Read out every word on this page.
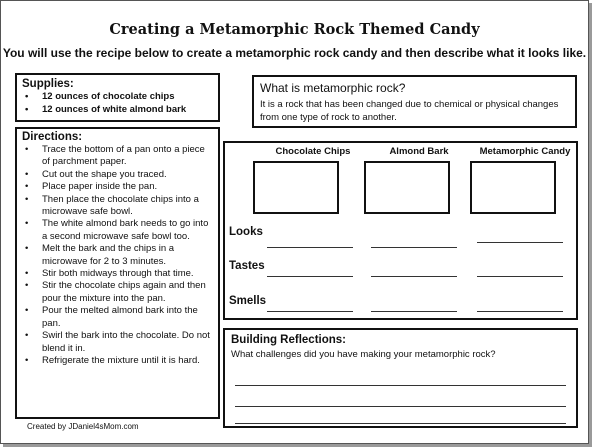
Creating a Metamorphic Rock Themed Candy
You will use the recipe below to create a metamorphic rock candy and then describe what it looks like.
Supplies:
• 12 ounces of chocolate chips
• 12 ounces of white almond bark
Directions:
• Trace the bottom of a pan onto a piece of parchment paper.
• Cut out the shape you traced.
• Place paper inside the pan.
• Then place the chocolate chips into a microwave safe bowl.
• The white almond bark needs to go into a second microwave safe bowl too.
• Melt the bark and the chips in a microwave for 2 to 3 minutes.
• Stir both midways through that time.
• Stir the chocolate chips again and then pour the mixture into the pan.
• Pour the melted almond bark into the pan.
• Swirl the bark into the chocolate. Do not blend it in.
• Refrigerate the mixture until it is hard.
What is metamorphic rock?

It is a rock that has been changed due to chemical or physical changes from one type of rock to another.

Chocolate Chips	Almond Bark	Metamorphic Candy
Looks
Tastes
Smells
Building Reflections:

What challenges did you have making your metamorphic rock?

Created by JDaniel4sMom.com
